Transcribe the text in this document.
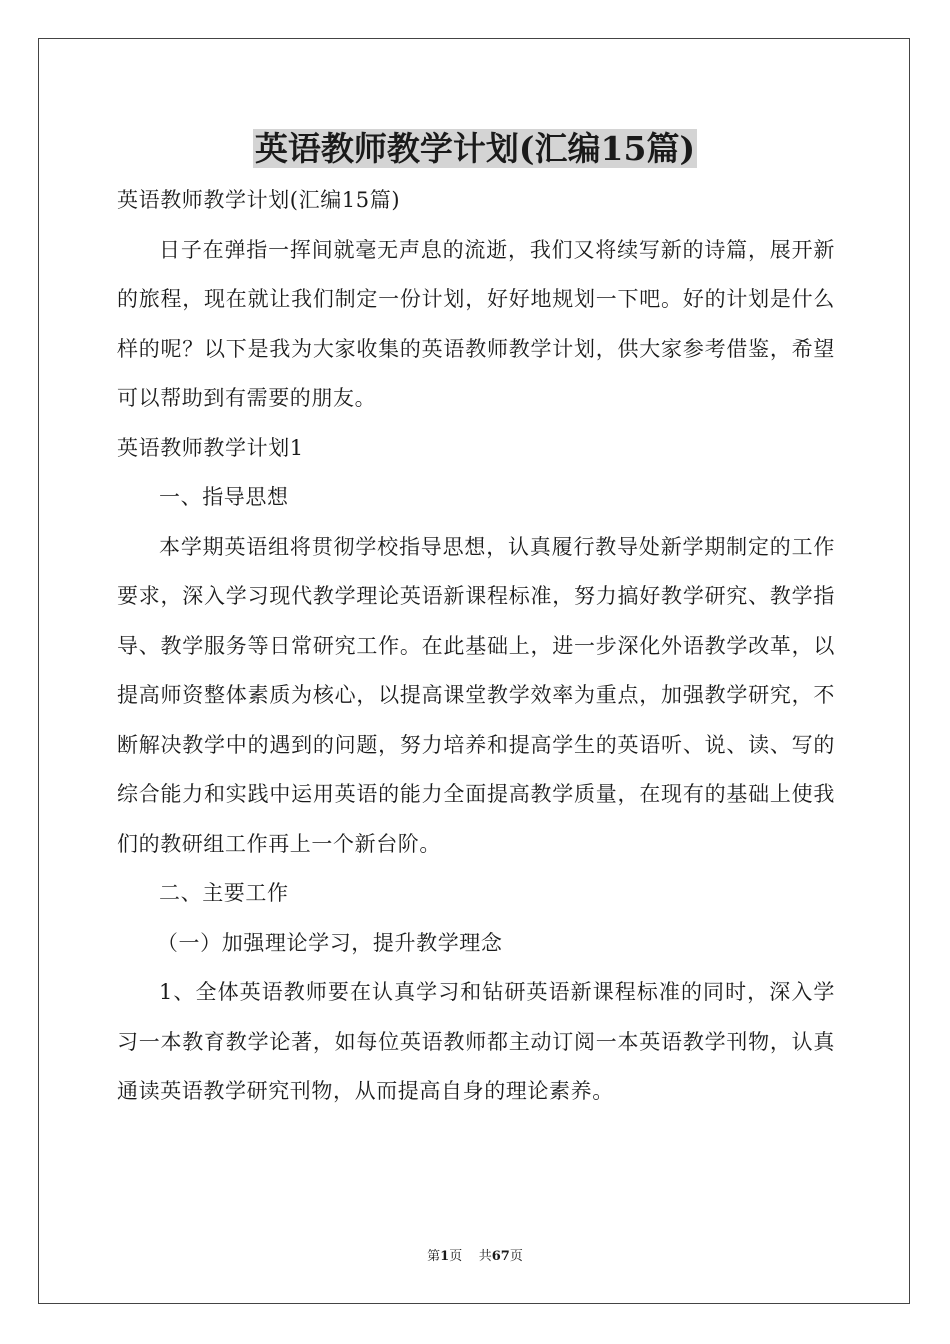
英语教师教学计划(汇编15篇)
英语教师教学计划(汇编15篇)

日子在弹指一挥间就毫无声息的流逝，我们又将续写新的诗篇，展开新的旅程，现在就让我们制定一份计划，好好地规划一下吧。好的计划是什么样的呢？以下是我为大家收集的英语教师教学计划，供大家参考借鉴，希望可以帮助到有需要的朋友。

英语教师教学计划1
一、指导思想

本学期英语组将贯彻学校指导思想，认真履行教导处新学期制定的工作要求，深入学习现代教学理论英语新课程标准，努力搞好教学研究、教学指导、教学服务等日常研究工作。在此基础上，进一步深化外语教学改革，以提高师资整体素质为核心，以提高课堂教学效率为重点，加强教学研究，不断解决教学中的遇到的问题，努力培养和提高学生的英语听、说、读、写的综合能力和实践中运用英语的能力全面提高教学质量，在现有的基础上使我们的教研组工作再上一个新台阶。

二、主要工作
（一）加强理论学习，提升教学理念

1、全体英语教师要在认真学习和钻研英语新课程标准的同时，深入学习一本教育教学论著，如每位英语教师都主动订阅一本英语教学刊物，认真通读英语教学研究刊物，从而提高自身的理论素养。

第1页 共67页
